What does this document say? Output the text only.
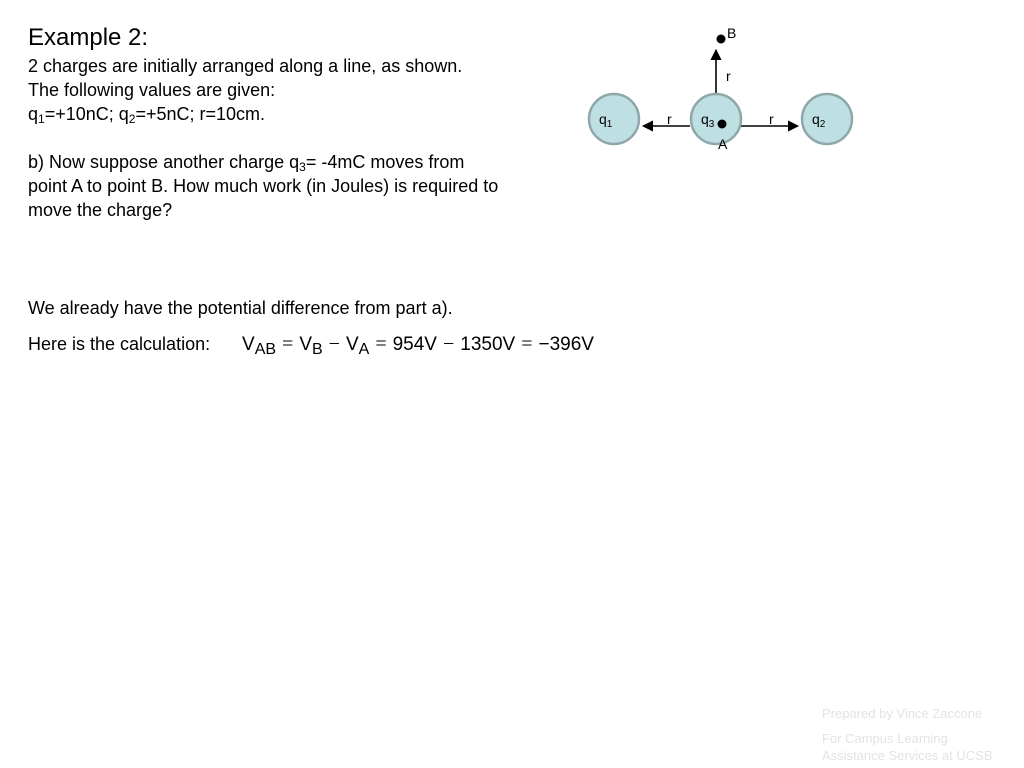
Example 2:
2 charges are initially arranged along a line, as shown.
The following values are given:
$q_1=+10nC$; $q_2=+5nC$; r=10cm.
b) Now suppose another charge $q_3= -4mC$ moves from
point A to point B. How much work (in Joules) is required to
move the charge?
We already have the potential difference from part a).
Here is the calculation: $V_{AB} = V_B - V_A = 954V - 1350V = -396V$
$q_1$	$q_3$	$q_2$
r	r
r
A
B
Prepared by Vince Zaccone
For Campus Learning
Assistance Services at UCSB
